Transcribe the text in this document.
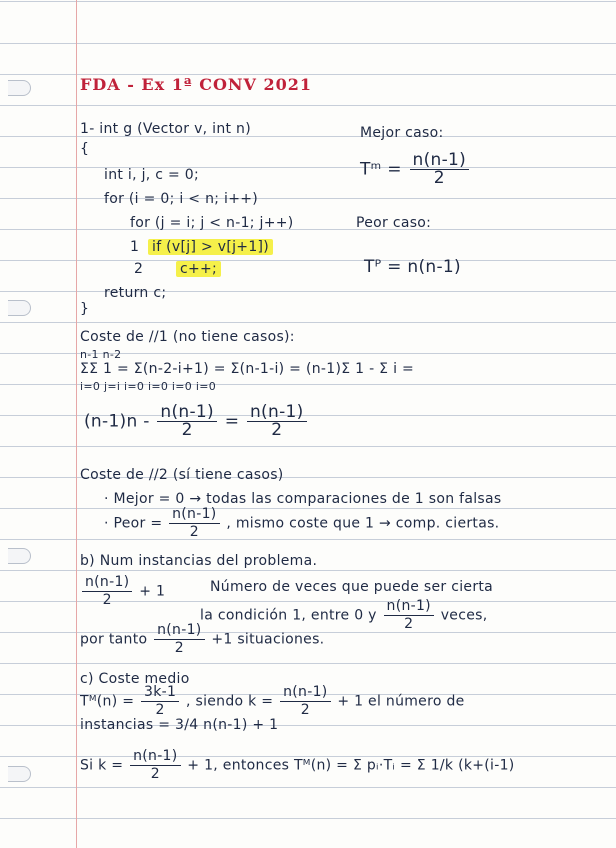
FDA - Ex 1ª CONV 2021
1- int g (Vector v, int n)
{
int i, j, c = 0;
for (i = 0; i < n; i++)
for (j = i; j < n-1; j++)
1 if (v[j] > v[j+1])
2	c++;
return c;
}
Mejor caso:
Tᵐ = $\frac{n(n-1)}{2}$
Peor caso:
Tᴾ = n(n-1)
Coste de //1 (no tiene casos):
n-1 n-2
ΣΣ 1 = Σ(n-2-i+1) = Σ(n-1-i) = (n-1)Σ 1 - Σ i =
i=0 j=i i=0 i=0 i=0 i=0
$(n-1)n - \frac{n(n-1)}{2} = \frac{n(n-1)}{2}$
Coste de //2 (sí tiene casos)
· Mejor = 0 → todas las comparaciones de 1 son falsas
· Peor = $\frac{n(n-1)}{2}$ , mismo coste que 1 → comp. ciertas.
b) Num instancias del problema.
$\frac{n(n-1)}{2} + 1$	Número de veces que puede ser cierta
la condición 1, entre 0 y $\frac{n(n-1)}{2}$ veces,
por tanto $\frac{n(n-1)}{2} +1$ situaciones.
c) Coste medio
Tᴹ(n) = $\frac{3k-1}{2}$ , siendo $k = \frac{n(n-1)}{2} + 1$ el número de
instancias = 3/4 n(n-1) + 1
Si $k = \frac{n(n-1)}{2} + 1$, entonces Tᴹ(n) = Σ pᵢ·Tᵢ = Σ 1/k (k+(i-1)
